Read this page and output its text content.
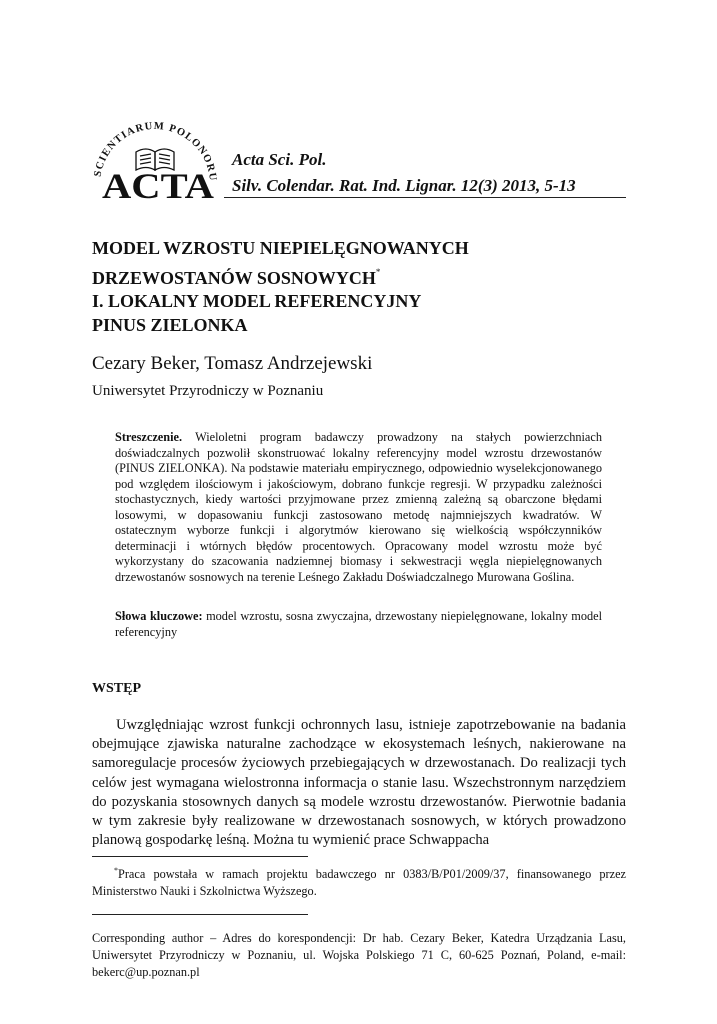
SCIENTIARUM POLONORU
ACTA
Acta Sci. Pol.
Silv. Colendar. Rat. Ind. Lignar. 12(3) 2013, 5-13
MODEL WZROSTU NIEPIELĘGNOWANYCH
DRZEWOSTANÓW SOSNOWYCH*
I. LOKALNY MODEL REFERENCYJNY
PINUS ZIELONKA
Cezary Beker, Tomasz Andrzejewski
Uniwersytet Przyrodniczy w Poznaniu
Streszczenie. Wieloletni program badawczy prowadzony na stałych powierzchniach doświadczalnych pozwolił skonstruować lokalny referencyjny model wzrostu drzewostanów (PINUS ZIELONKA). Na podstawie materiału empirycznego, odpowiednio wyselekcjonowanego pod względem ilościowym i jakościowym, dobrano funkcje regresji. W przypadku zależności stochastycznych, kiedy wartości przyjmowane przez zmienną zależną są obarczone błędami losowymi, w dopasowaniu funkcji zastosowano metodę najmniejszych kwadratów. W ostatecznym wyborze funkcji i algorytmów kierowano się wielkością współczynników determinacji i wtórnych błędów procentowych. Opracowany model wzrostu może być wykorzystany do szacowania nadziemnej biomasy i sekwestracji węgla niepielęgnowanych drzewostanów sosnowych na terenie Leśnego Zakładu Doświadczalnego Murowana Goślina.
Słowa kluczowe: model wzrostu, sosna zwyczajna, drzewostany niepielęgnowane, lokalny model referencyjny
WSTĘP
Uwzględniając wzrost funkcji ochronnych lasu, istnieje zapotrzebowanie na badania obejmujące zjawiska naturalne zachodzące w ekosystemach leśnych, nakierowane na samoregulacje procesów życiowych przebiegających w drzewostanach. Do realizacji tych celów jest wymagana wielostronna informacja o stanie lasu. Wszechstronnym narzędziem do pozyskania stosownych danych są modele wzrostu drzewostanów. Pierwotnie badania w tym zakresie były realizowane w drzewostanach sosnowych, w których prowadzono planową gospodarkę leśną. Można tu wymienić prace Schwappacha
*Praca powstała w ramach projektu badawczego nr 0383/B/P01/2009/37, finansowanego przez Ministerstwo Nauki i Szkolnictwa Wyższego.
Corresponding author – Adres do korespondencji: Dr hab. Cezary Beker, Katedra Urządzania Lasu, Uniwersytet Przyrodniczy w Poznaniu, ul. Wojska Polskiego 71 C, 60-625 Poznań, Poland, e-mail: bekerc@up.poznan.pl
